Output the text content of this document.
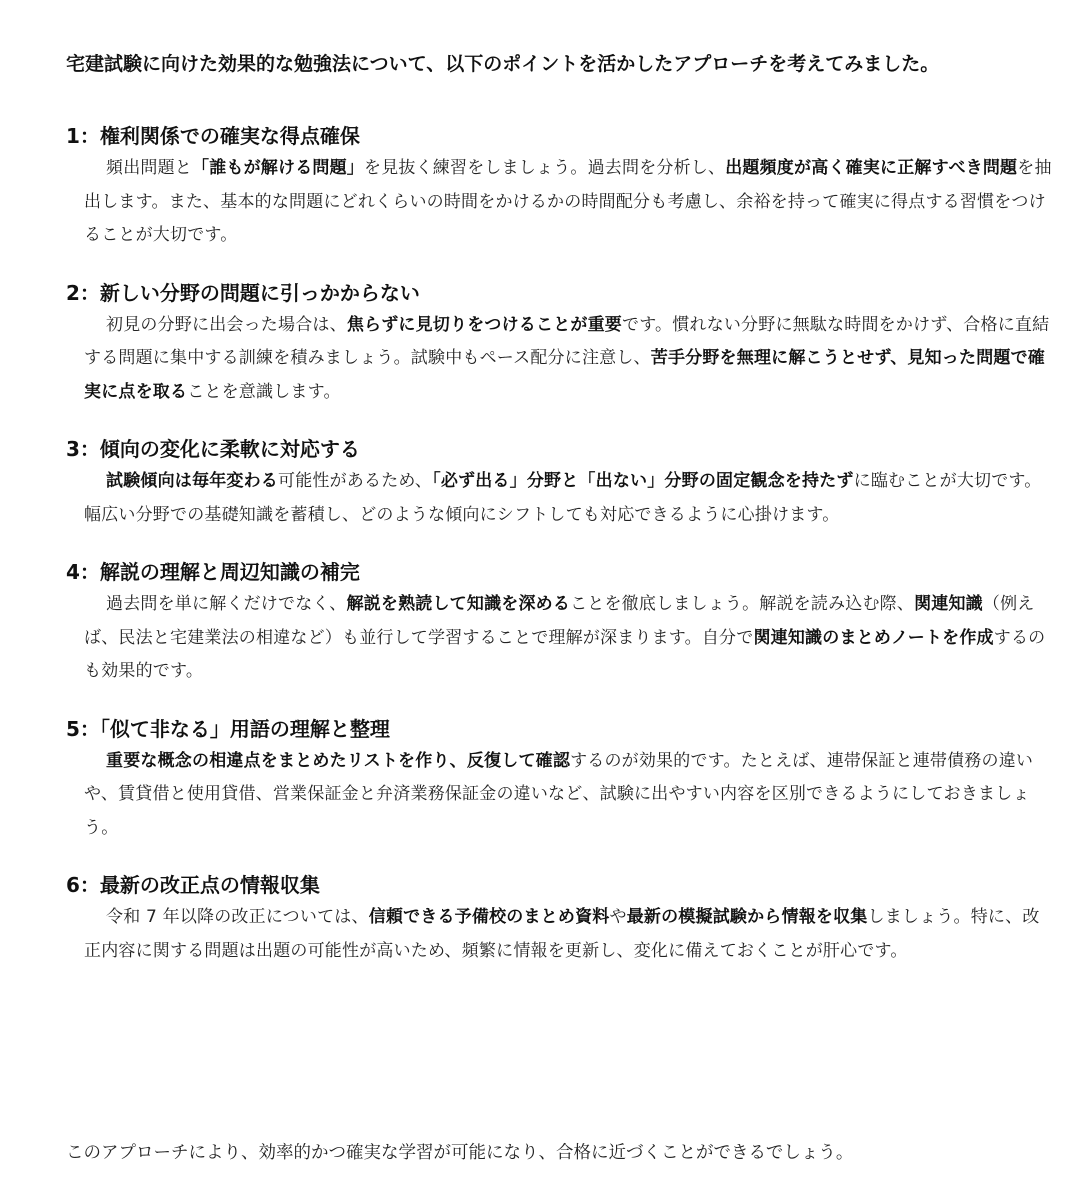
宅建試験に向けた効果的な勉強法について、以下のポイントを活かしたアプローチを考えてみました。

1：権利関係での確実な得点確保

頻出問題と「誰もが解ける問題」を見抜く練習をしましょう。過去問を分析し、出題頻度が高く確実に正解すべき問題を抽出します。また、基本的な問題にどれくらいの時間をかけるかの時間配分も考慮し、余裕を持って確実に得点する習慣をつけることが大切です。

2：新しい分野の問題に引っかからない

初見の分野に出会った場合は、焦らずに見切りをつけることが重要です。慣れない分野に無駄な時間をかけず、合格に直結する問題に集中する訓練を積みましょう。試験中もペース配分に注意し、苦手分野を無理に解こうとせず、見知った問題で確実に点を取ることを意識します。

3：傾向の変化に柔軟に対応する

試験傾向は毎年変わる可能性があるため、「必ず出る」分野と「出ない」分野の固定観念を持たずに臨むことが大切です。幅広い分野での基礎知識を蓄積し、どのような傾向にシフトしても対応できるように心掛けます。

4：解説の理解と周辺知識の補完

過去問を単に解くだけでなく、解説を熟読して知識を深めることを徹底しましょう。解説を読み込む際、関連知識（例えば、民法と宅建業法の相違など）も並行して学習することで理解が深まります。自分で関連知識のまとめノートを作成するのも効果的です。

5：「似て非なる」用語の理解と整理

重要な概念の相違点をまとめたリストを作り、反復して確認するのが効果的です。たとえば、連帯保証と連帯債務の違いや、賃貸借と使用貸借、営業保証金と弁済業務保証金の違いなど、試験に出やすい内容を区別できるようにしておきましょう。

6：最新の改正点の情報収集

令和 7 年以降の改正については、信頼できる予備校のまとめ資料や最新の模擬試験から情報を収集しましょう。特に、改正内容に関する問題は出題の可能性が高いため、頻繁に情報を更新し、変化に備えておくことが肝心です。

このアプローチにより、効率的かつ確実な学習が可能になり、合格に近づくことができるでしょう。
